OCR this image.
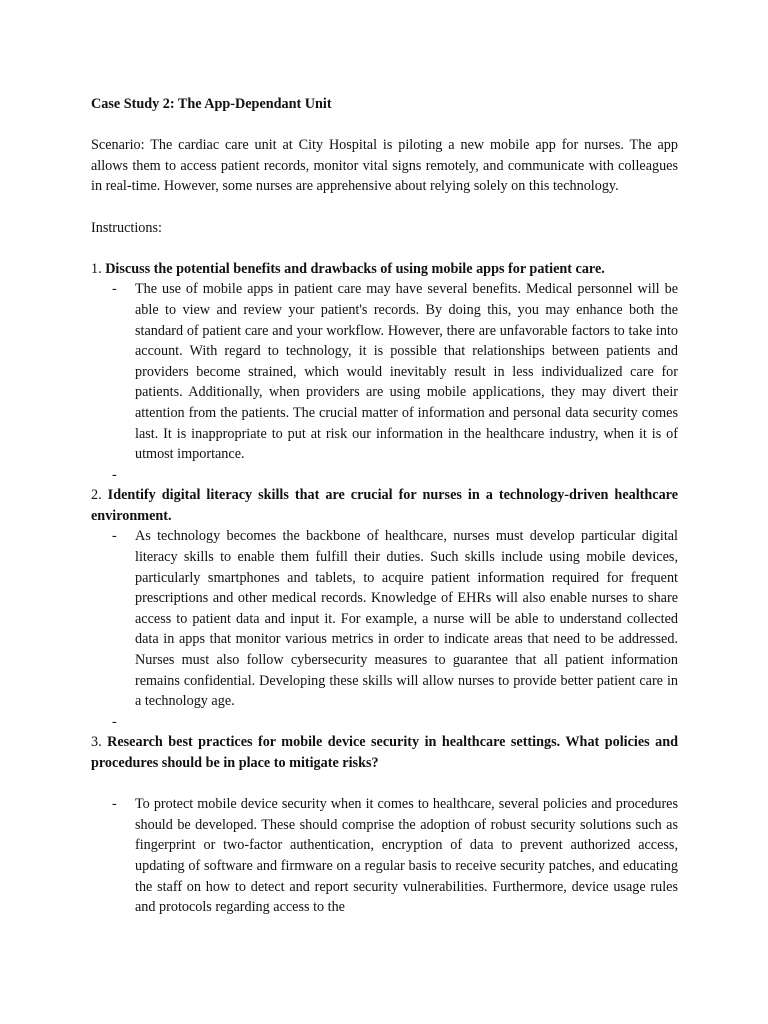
Case Study 2: The App-Dependant Unit
Scenario: The cardiac care unit at City Hospital is piloting a new mobile app for nurses. The app allows them to access patient records, monitor vital signs remotely, and communicate with colleagues in real-time. However, some nurses are apprehensive about relying solely on this technology.
Instructions:
1. Discuss the potential benefits and drawbacks of using mobile apps for patient care.
- The use of mobile apps in patient care may have several benefits. Medical personnel will be able to view and review your patient's records. By doing this, you may enhance both the standard of patient care and your workflow. However, there are unfavorable factors to take into account. With regard to technology, it is possible that relationships between patients and providers become strained, which would inevitably result in less individualized care for patients. Additionally, when providers are using mobile applications, they may divert their attention from the patients. The crucial matter of information and personal data security comes last. It is inappropriate to put at risk our information in the healthcare industry, when it is of utmost importance.
-
2. Identify digital literacy skills that are crucial for nurses in a technology-driven healthcare environment.
- As technology becomes the backbone of healthcare, nurses must develop particular digital literacy skills to enable them fulfill their duties. Such skills include using mobile devices, particularly smartphones and tablets, to acquire patient information required for frequent prescriptions and other medical records. Knowledge of EHRs will also enable nurses to share access to patient data and input it. For example, a nurse will be able to understand collected data in apps that monitor various metrics in order to indicate areas that need to be addressed. Nurses must also follow cybersecurity measures to guarantee that all patient information remains confidential. Developing these skills will allow nurses to provide better patient care in a technology age.
-
3. Research best practices for mobile device security in healthcare settings. What policies and procedures should be in place to mitigate risks?
- To protect mobile device security when it comes to healthcare, several policies and procedures should be developed. These should comprise the adoption of robust security solutions such as fingerprint or two-factor authentication, encryption of data to prevent authorized access, updating of software and firmware on a regular basis to receive security patches, and educating the staff on how to detect and report security vulnerabilities. Furthermore, device usage rules and protocols regarding access to the
